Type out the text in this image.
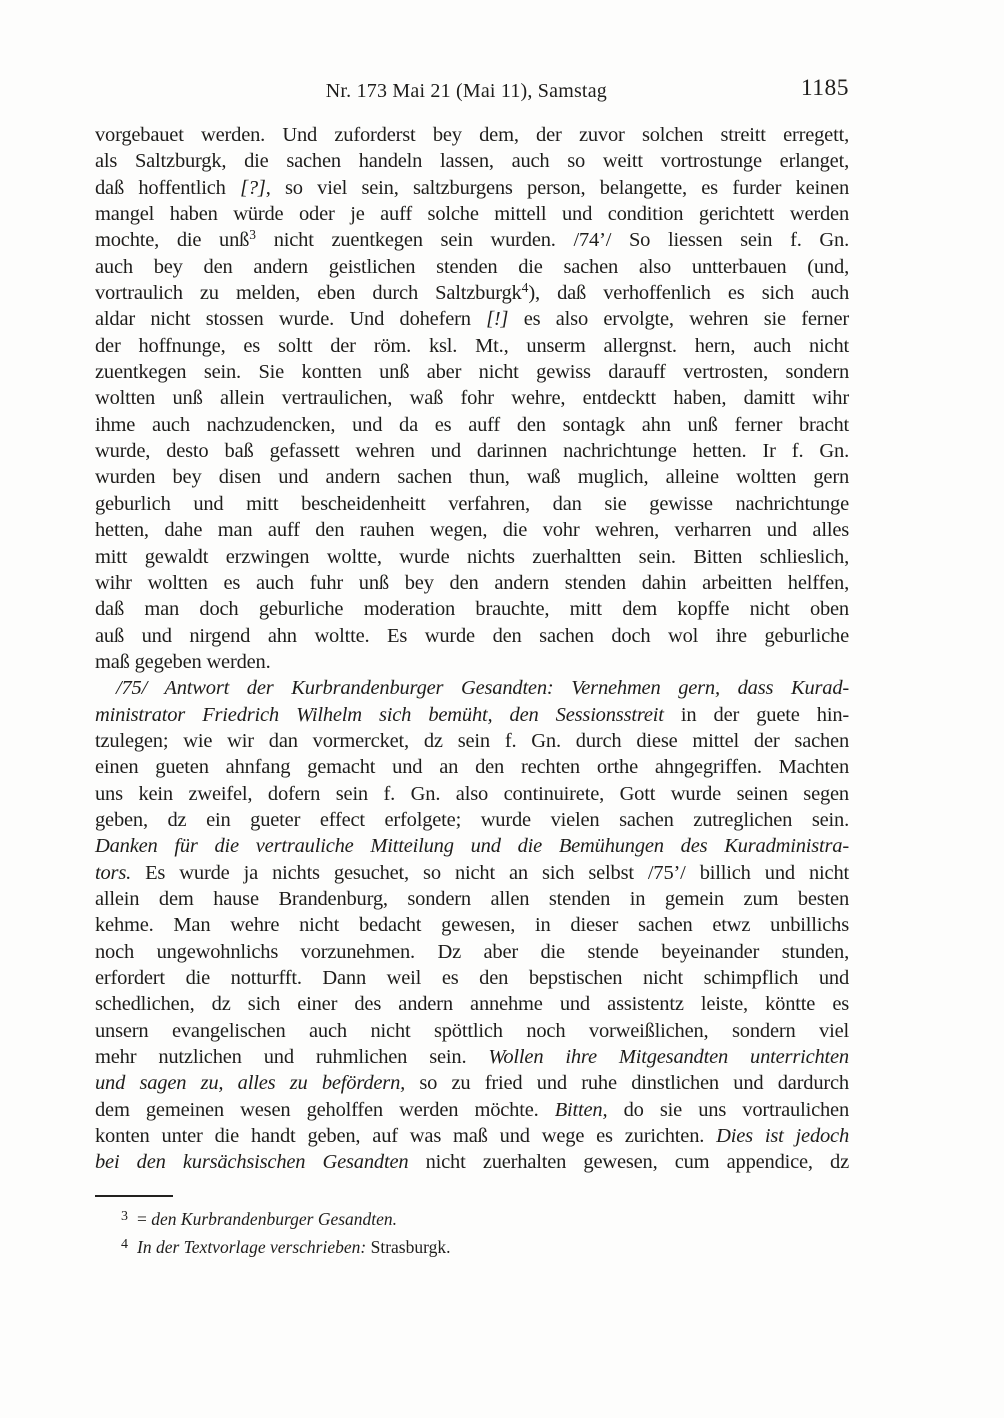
Nr. 173 Mai 21 (Mai 11), Samstag	1185
vorgebauet werden. Und zuforderst bey dem, der zuvor solchen streitt erregett,
als Saltzburgk, die sachen handeln lassen, auch so weitt vortrostunge erlanget,
daß hoffentlich [?], so viel sein, saltzburgens person, belangette, es furder keinen
mangel haben würde oder je auff solche mittell und condition gerichtett werden
mochte, die unß$^3$ nicht zuentkegen sein wurden. /74’/ So liessen sein f. Gn.
auch bey den andern geistlichen stenden die sachen also untterbauen (und,
vortraulich zu melden, eben durch Saltzburgk$^4$), daß verhoffenlich es sich auch
aldar nicht stossen wurde. Und dohefern [!] es also ervolgte, wehren sie ferner
der hoffnunge, es soltt der röm. ksl. Mt., unserm allergnst. hern, auch nicht
zuentkegen sein. Sie kontten unß aber nicht gewiss darauff vertrosten, sondern
woltten unß allein vertraulichen, waß fohr wehre, entdecktt haben, damitt wihr
ihme auch nachzudencken, und da es auff den sontagk ahn unß ferner bracht
wurde, desto baß gefassett wehren und darinnen nachrichtunge hetten. Ir f. Gn.
wurden bey disen und andern sachen thun, waß muglich, alleine woltten gern
geburlich und mitt bescheidenheitt verfahren, dan sie gewisse nachrichtunge
hetten, dahe man auff den rauhen wegen, die vohr wehren, verharren und alles
mitt gewaldt erzwingen woltte, wurde nichts zuerhaltten sein. Bitten schlieslich,
wihr woltten es auch fuhr unß bey den andern stenden dahin arbeitten helffen,
daß man doch geburliche moderation brauchte, mitt dem kopffe nicht oben
auß und nirgend ahn woltte. Es wurde den sachen doch wol ihre geburliche
maß gegeben werden.
/75/ Antwort der Kurbrandenburger Gesandten: Vernehmen gern, dass Kurad-
ministrator Friedrich Wilhelm sich bemüht, den Sessionsstreit in der guete hin-
tzulegen; wie wir dan vormercket, dz sein f. Gn. durch diese mittel der sachen
einen gueten ahnfang gemacht und an den rechten orthe ahngegriffen. Machten
uns kein zweifel, dofern sein f. Gn. also continuirete, Gott wurde seinen segen
geben, dz ein gueter effect erfolgete; wurde vielen sachen zutreglichen sein.
Danken für die vertrauliche Mitteilung und die Bemühungen des Kuradministra-
tors. Es wurde ja nichts gesuchet, so nicht an sich selbst /75’/ billich und nicht
allein dem hause Brandenburg, sondern allen stenden in gemein zum besten
kehme. Man wehre nicht bedacht gewesen, in dieser sachen etwz unbillichs
noch ungewohnlichs vorzunehmen. Dz aber die stende beyeinander stunden,
erfordert die notturfft. Dann weil es den bepstischen nicht schimpflich und
schedlichen, dz sich einer des andern annehme und assistentz leiste, köntte es
unsern evangelischen auch nicht spöttlich noch vorweißlichen, sondern viel
mehr nutzlichen und ruhmlichen sein. Wollen ihre Mitgesandten unterrichten
und sagen zu, alles zu befördern, so zu fried und ruhe dinstlichen und dardurch
dem gemeinen wesen geholffen werden möchte. Bitten, do sie uns vortraulichen
konten unter die handt geben, auf was maß und wege es zurichten. Dies ist jedoch
bei den kursächsischen Gesandten nicht zuerhalten gewesen, cum appendice, dz
$^3$ = den Kurbrandenburger Gesandten.
$^4$ In der Textvorlage verschrieben: Strasburgk.
